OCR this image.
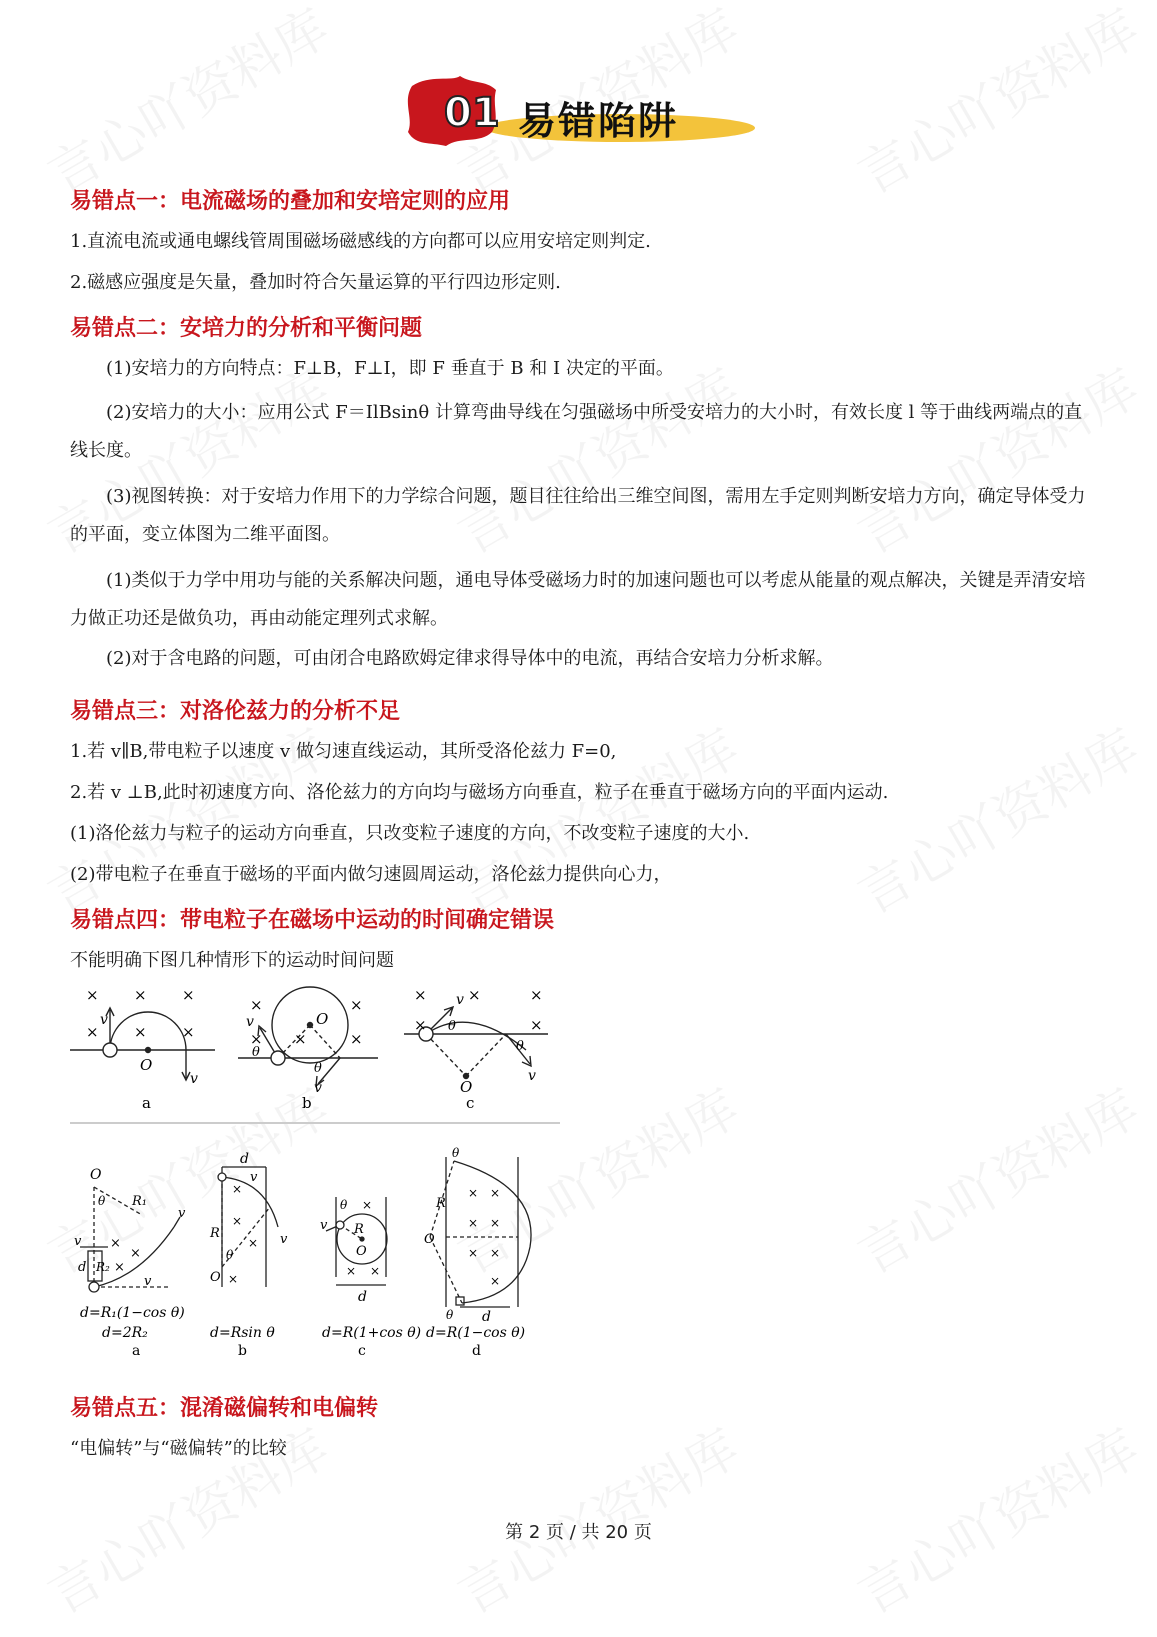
01 易错陷阱
易错点一：电流磁场的叠加和安培定则的应用

1.直流电流或通电螺线管周围磁场磁感线的方向都可以应用安培定则判定.

2.磁感应强度是矢量，叠加时符合矢量运算的平行四边形定则.

易错点二：安培力的分析和平衡问题

(1)安培力的方向特点：F⊥B，F⊥I，即 F 垂直于 B 和 I 决定的平面。

(2)安培力的大小：应用公式 F＝IlBsinθ 计算弯曲导线在匀强磁场中所受安培力的大小时，有效长度 l 等于曲线两端点的直线长度。

(3)视图转换：对于安培力作用下的力学综合问题，题目往往给出三维空间图，需用左手定则判断安培力方向，确定导体受力的平面，变立体图为二维平面图。

(1)类似于力学中用功与能的关系解决问题，通电导体受磁场力时的加速问题也可以考虑从能量的观点解决，关键是弄清安培力做正功还是做负功，再由动能定理列式求解。

(2)对于含电路的问题，可由闭合电路欧姆定律求得导体中的电流，再结合安培力分析求解。

易错点三：对洛伦兹力的分析不足

1.若 v∥B,带电粒子以速度 v 做匀速直线运动，其所受洛伦兹力 F=0,

2.若 v ⊥B,此时初速度方向、洛伦兹力的方向均与磁场方向垂直，粒子在垂直于磁场方向的平面内运动.

(1)洛伦兹力与粒子的运动方向垂直，只改变粒子速度的方向，不改变粒子速度的大小.

(2)带电粒子在垂直于磁场的平面内做匀速圆周运动，洛伦兹力提供向心力，

易错点四：带电粒子在磁场中运动的时间确定错误

不能明确下图几种情形下的运动时间问题

× × ×
× × ×
v
v
O
a
×	×
× ×	×
v	O
θ
θ
v
b
×	×	×
×	×
v
θ
θ
v
O
c
O
θ R₁
v
v
d R₂
×
×
×
v
d=R₁(1−cos θ)
d=2R₂
a
d
×
×
×
×
R
θ
O
v
v
d=Rsin θ
b
θ ×
v R
O
× ×
d
d=R(1+cos θ)
c
θ
R
O
× ×
× ×
× ×
×
θ d
d=R(1−cos θ)
d
易错点五：混淆磁偏转和电偏转

“电偏转”与“磁偏转”的比较

第 2 页 / 共 20 页
